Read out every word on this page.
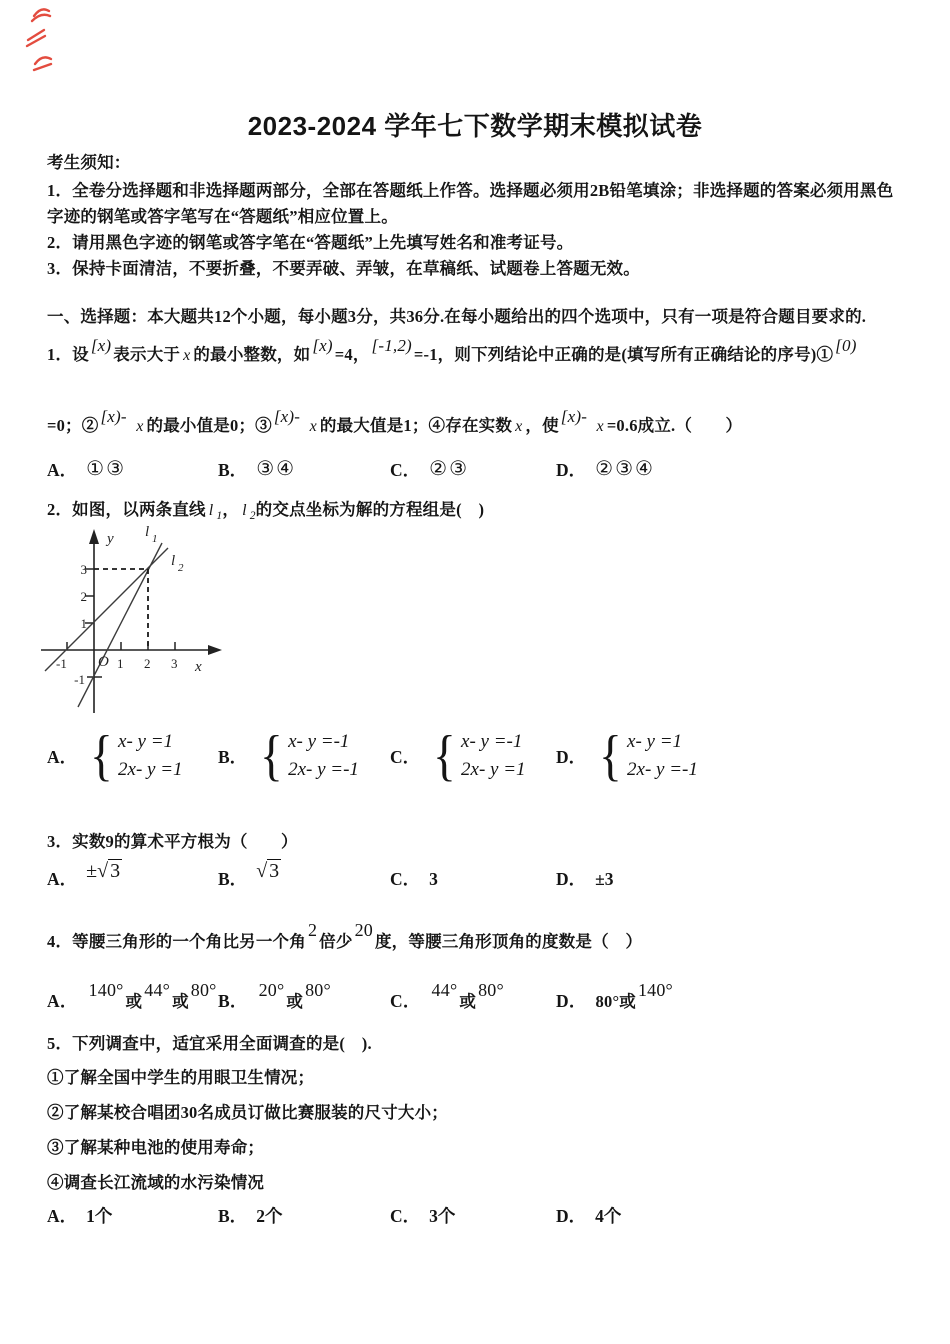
2023-2024 学年七下数学期末模拟试卷
考生须知：
1．全卷分选择题和非选择题两部分，全部在答题纸上作答。选择题必须用2B铅笔填涂；非选择题的答案必须用黑色
字迹的钢笔或答字笔写在“答题纸”相应位置上。
2．请用黑色字迹的钢笔或答字笔在“答题纸”上先填写姓名和准考证号。
3．保持卡面清洁，不要折叠，不要弄破、弄皱，在草稿纸、试题卷上答题无效。
一、选择题：本大题共12个小题，每小题3分，共36分.在每小题给出的四个选项中，只有一项是符合题目要求的.
1．设 [x) 表示大于 x 的最小整数，如 [x) =4， [-1,2) =-1，则下列结论中正确的是(填写所有正确结论的序号)① [0)
=0；② [x)- x 的最小值是0；③ [x)- x 的最大值是1；④存在实数 x ，使 [x)- x =0.6成立.（　　）
A． ①③	B． ③④	C． ②③	D． ②③④
2．如图，以两条直线 l $_1$， l $_2$的交点坐标为解的方程组是(　)
y
x
O
l 1
l 2
-1	1 2 3
3
2
1
-1
A． { x- y =1
2x- y =1
B． { x- y =-1
2x- y =-1
C． { x- y =-1
2x- y =1
D． { x- y =1
2x- y =-1
3．实数9的算术平方根为（　　）
A． ±√ 3	B． √ 3	C． 3	D． ±3
4．等腰三角形的一个角比另一个角2倍少20度，等腰三角形顶角的度数是（　）
A．140°或44°或80°
B．20°或80°
C．44°或80°
D． 80°或140°
5．下列调查中，适宜采用全面调查的是(　).
①了解全国中学生的用眼卫生情况；
②了解某校合唱团30名成员订做比赛服装的尺寸大小；
③了解某种电池的使用寿命；
④调查长江流域的水污染情况
A． 1个	B． 2个	C． 3个	D． 4个
